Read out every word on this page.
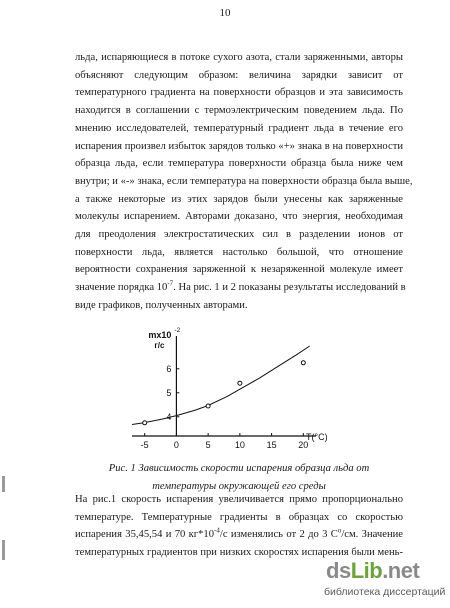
10
льда, испаряющиеся в потоке сухого азота, стали заряженными, авторы
объясняют следующим образом: величина зарядки зависит от
температурного градиента на поверхности образцов и эта зависимость
находится в соглашении с термоэлектрическим поведением льда. По
мнению исследователей, температурный градиент льда в течение его
испарения произвел избыток зарядов только «+» знака в на поверхности
образца льда, если температура поверхности образца была ниже чем
внутри; и «-» знака, если температура на поверхности образца была выше,
а также некоторые из этих зарядов были унесены как заряженные
молекулы испарением. Авторами доказано, что энергия, необходимая
для преодоления электростатических сил в разделении ионов от
поверхности льда, является настолько большой, что отношение
вероятности сохранения заряженной к незаряженной молекуле имеет
значение порядка $10^{-7}$. На рис. 1 и 2 показаны результаты исследований в
виде графиков, полученных авторами.
-5	0	5	10 15 20
4
5
6
mx10 -2
г/с
T(°C)
Рис. 1 Зависимость скорости испарения образца льда от
температуры окружающей его среды
На рис.1 скорость испарения увеличивается прямо пропорционально
температуре. Температурные градиенты в образцах со скоростью
испарения 35,45,54 и 70 $кг*10^{-4}/с$ изменялись от 2 до 3 $С^о/см$. Значение
температурных градиентов при низких скоростях испарения были мень-
dsLib.net
библиотека диссертаций
